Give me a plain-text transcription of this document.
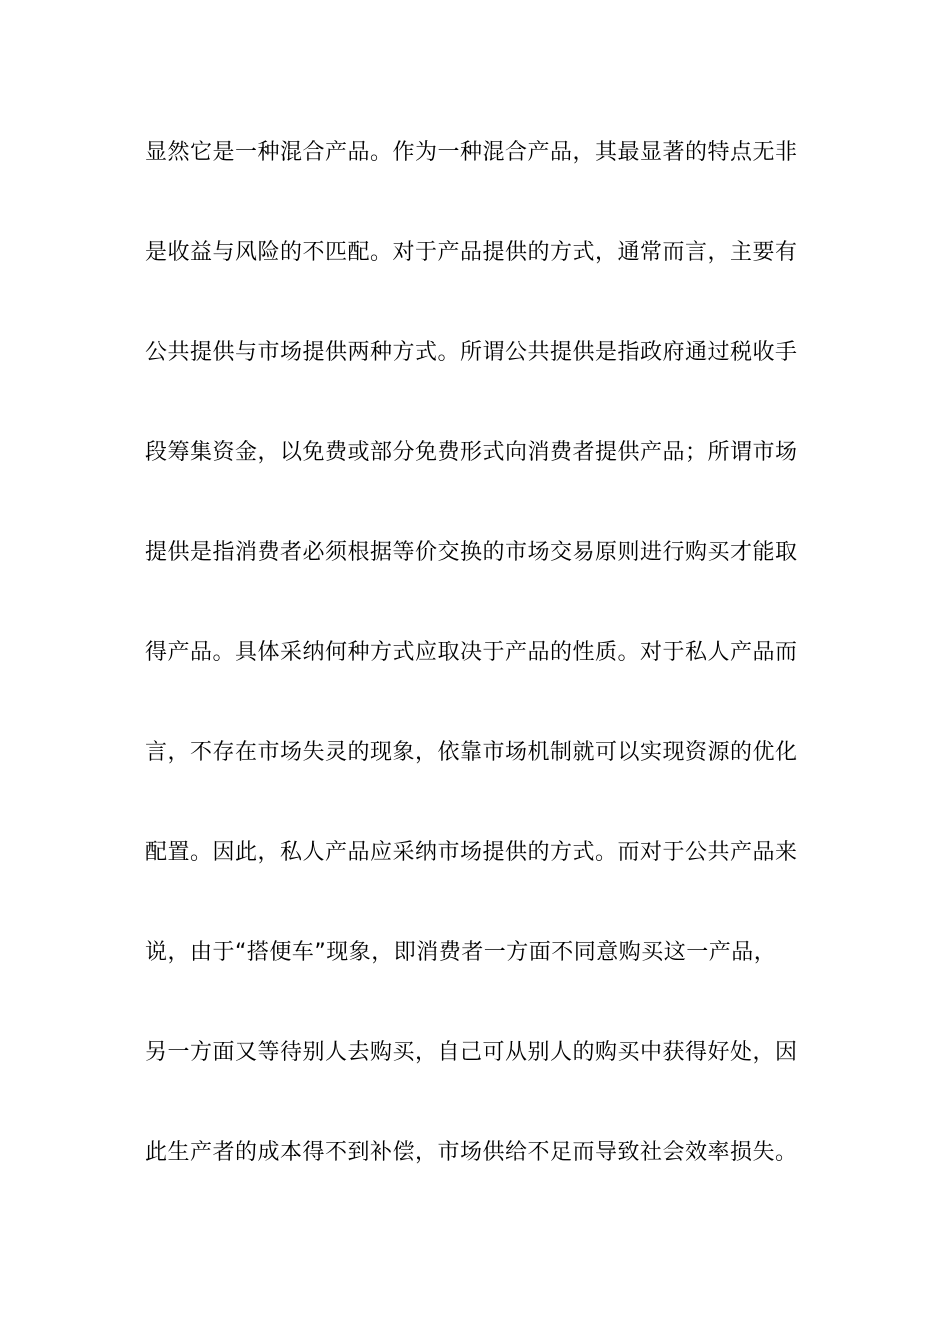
显然它是一种混合产品。作为一种混合产品，其最显著的特点无非
是收益与风险的不匹配。对于产品提供的方式，通常而言，主要有
公共提供与市场提供两种方式。所谓公共提供是指政府通过税收手
段筹集资金，以免费或部分免费形式向消费者提供产品；所谓市场
提供是指消费者必须根据等价交换的市场交易原则进行购买才能取
得产品。具体采纳何种方式应取决于产品的性质。对于私人产品而
言，不存在市场失灵的现象，依靠市场机制就可以实现资源的优化
配置。因此，私人产品应采纳市场提供的方式。而对于公共产品来
说，由于“搭便车”现象，即消费者一方面不同意购买这一产品，
另一方面又等待别人去购买，自己可从别人的购买中获得好处，因
此生产者的成本得不到补偿，市场供给不足而导致社会效率损失。
